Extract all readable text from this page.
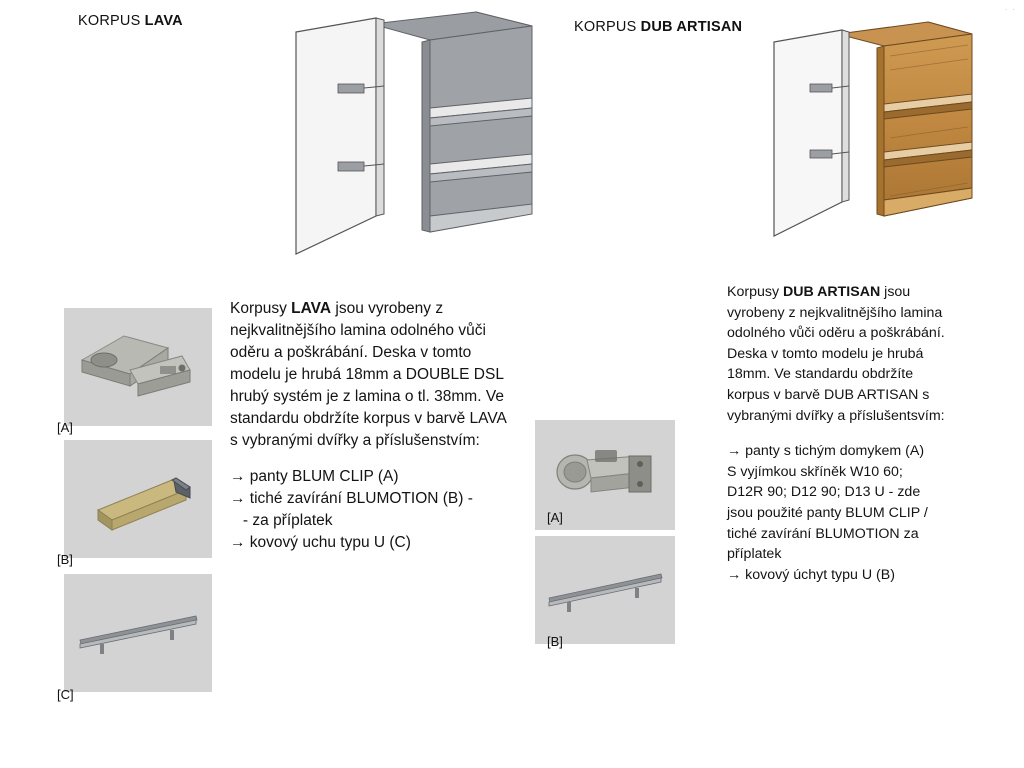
· ·
KORPUS LAVA	KORPUS DUB ARTISAN
Korpusy LAVA jsou vyrobeny z nejkvalitnějšího lamina odolného vůči oděru a poškrábání. Deska v tomto modelu je hrubá 18mm a DOUBLE DSL hrubý systém je z lamina o tl. 38mm. Ve standardu obdržíte korpus v barvě LAVA s vybranými dvířky a příslušenstvím:
→ panty BLUM CLIP (A)
→ tiché zavírání BLUMOTION (B) -
- za příplatek
→ kovový uchu typu U (C)
Korpusy DUB ARTISAN jsou vyrobeny z nejkvalitnějšího lamina odolného vůči oděru a poškrábání. Deska v tomto modelu je hrubá 18mm. Ve standardu obdržíte korpus v barvě DUB ARTISAN s vybranými dvířky a příslušentsvím:
→ panty s tichým domykem (A)
S vyjímkou skříněk W10 60;
D12R 90; D12 90; D13 U - zde
jsou použité panty BLUM CLIP /
tiché zavírání BLUMOTION za
příplatek
→ kovový úchyt typu U (B)
[A]
[B]
[C]
[A]
[B]
